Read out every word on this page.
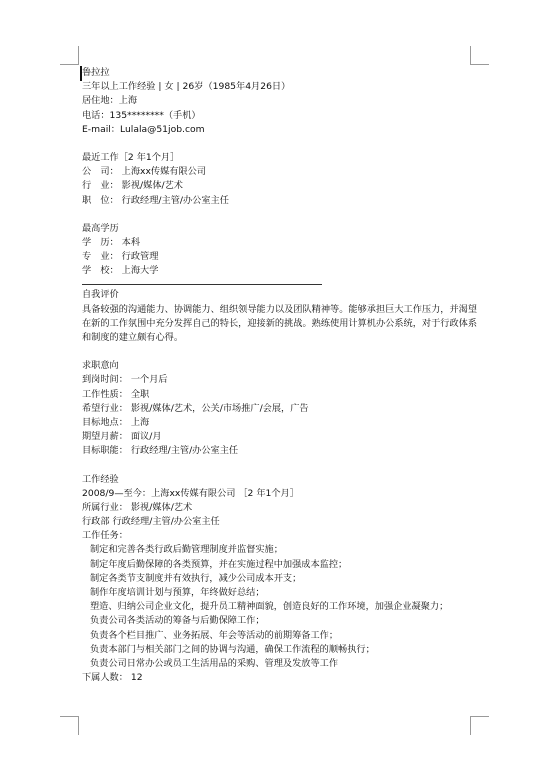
鲁拉拉
三年以上工作经验 | 女 | 26岁（1985年4月26日）
居住地：上海
电话：135********（手机）
E-mail：Lulala@51job.com
最近工作［2 年1个月］
公　司： 上海xx传媒有限公司
行　业： 影视/媒体/艺术
职　位： 行政经理/主管/办公室主任
最高学历
学　历： 本科
专　业： 行政管理
学　校： 上海大学
自我评价
具备较强的沟通能力、协调能力、组织领导能力以及团队精神等。能够承担巨大工作压力，并渴望在新的工作氛围中充分发挥自己的特长，迎接新的挑战。熟练使用计算机办公系统，对于行政体系和制度的建立颇有心得。
求职意向
到岗时间： 一个月后
工作性质： 全职
希望行业： 影视/媒体/艺术，公关/市场推广/会展，广告
目标地点： 上海
期望月薪： 面议/月
目标职能： 行政经理/主管/办公室主任
工作经验
2008/9—至今：上海xx传媒有限公司 ［2 年1个月］
所属行业： 影视/媒体/艺术
行政部 行政经理/主管/办公室主任
工作任务：
制定和完善各类行政后勤管理制度并监督实施；
制定年度后勤保障的各类预算，并在实施过程中加强成本监控；
制定各类节支制度并有效执行，减少公司成本开支；
制作年度培训计划与预算，年终做好总结；
塑造、归纳公司企业文化，提升员工精神面貌，创造良好的工作环境，加强企业凝聚力；
负责公司各类活动的筹备与后勤保障工作；
负责各个栏目推广、业务拓展、年会等活动的前期筹备工作；
负责本部门与相关部门之间的协调与沟通，确保工作流程的顺畅执行；
负责公司日常办公或员工生活用品的采购、管理及发放等工作
下属人数： 12
